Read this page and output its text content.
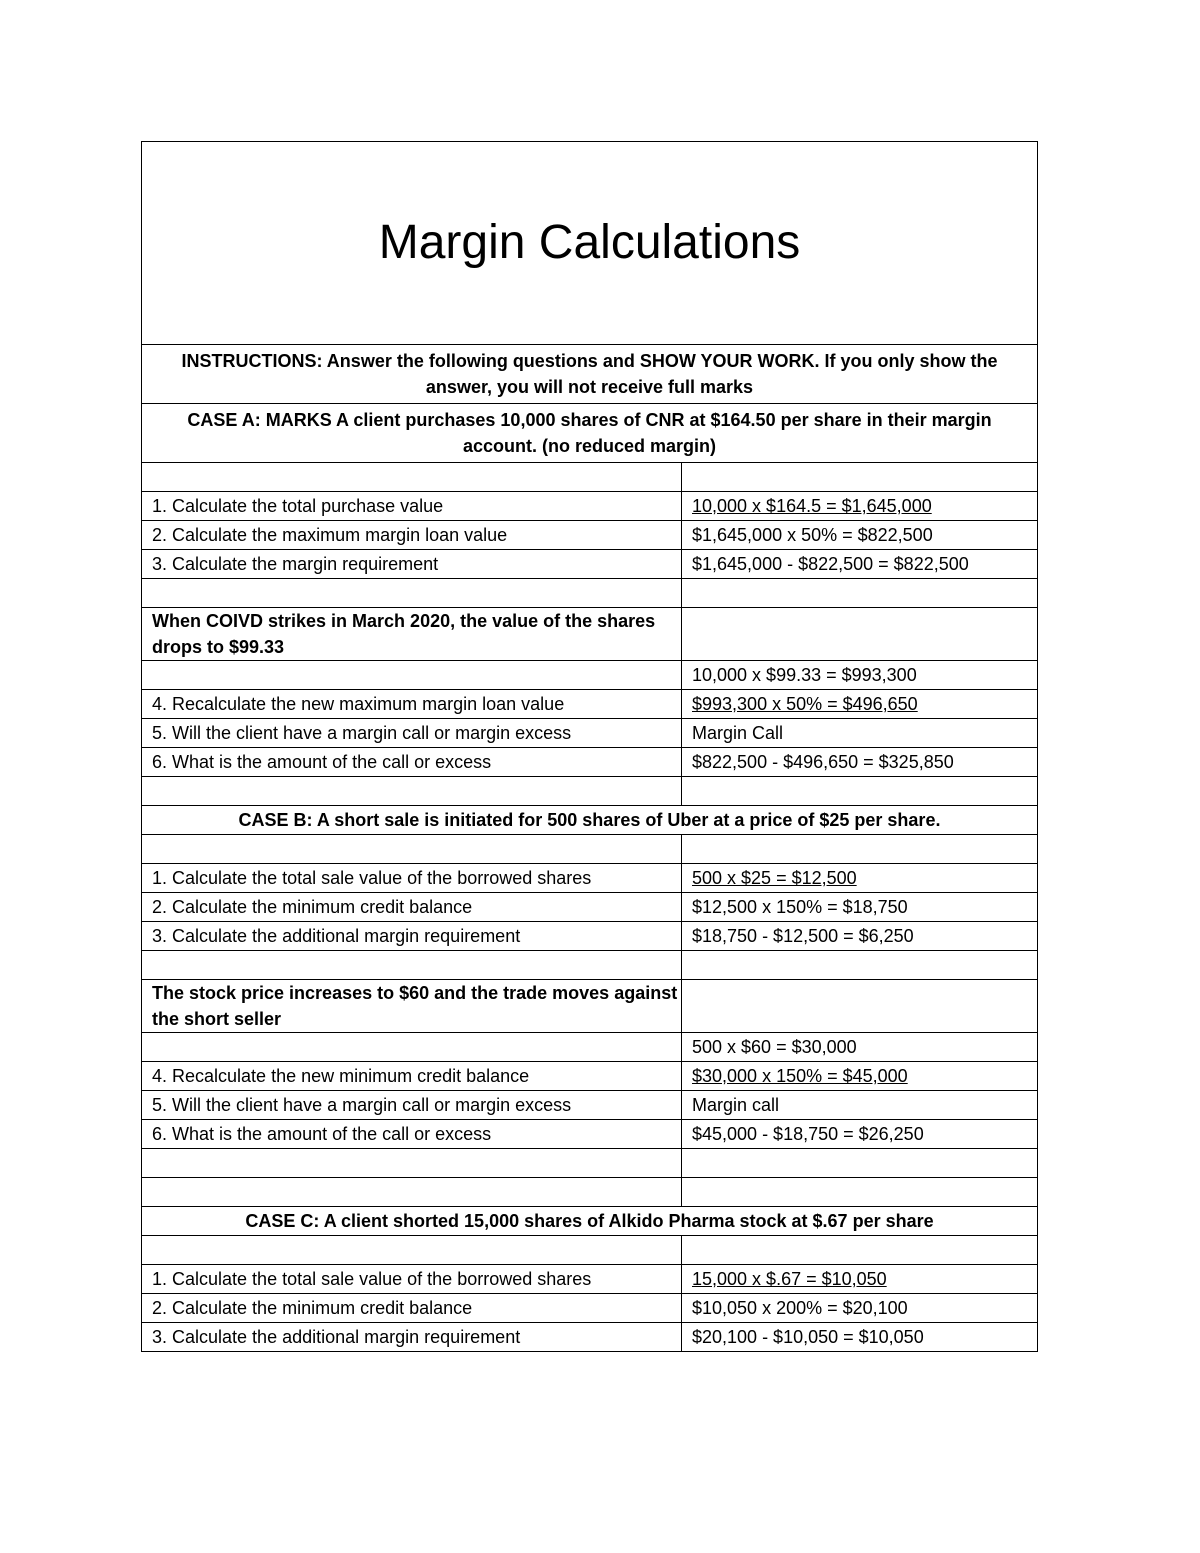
Margin Calculations	
INSTRUCTIONS: Answer the following questions and SHOW YOUR WORK. If you only show the answer, you will not receive full marks	
CASE A: MARKS A client purchases 10,000 shares of CNR at $164.50 per share in their margin account. (no reduced margin)	

1. Calculate the total purchase value	10,000 x $164.5 = $1,645,000
2. Calculate the maximum margin loan value	$1,645,000 x 50% = $822,500
3. Calculate the margin requirement	$1,645,000 - $822,500 = $822,500

When COIVD strikes in March 2020, the value of the shares drops to $99.33	
	10,000 x $99.33 = $993,300
4. Recalculate the new maximum margin loan value	$993,300 x 50% = $496,650
5. Will the client have a margin call or margin excess	Margin Call
6. What is the amount of the call or excess	$822,500 - $496,650 = $325,850

CASE B: A short sale is initiated for 500 shares of Uber at a price of $25 per share.	

1. Calculate the total sale value of the borrowed shares	500 x $25 = $12,500
2. Calculate the minimum credit balance	$12,500 x 150% = $18,750
3. Calculate the additional margin requirement	$18,750 - $12,500 = $6,250

The stock price increases to $60 and the trade moves against the short seller	
	500 x $60 = $30,000
4. Recalculate the new minimum credit balance	$30,000 x 150% = $45,000
5. Will the client have a margin call or margin excess	Margin call
6. What is the amount of the call or excess	$45,000 - $18,750 = $26,250

CASE C: A client shorted 15,000 shares of Alkido Pharma stock at $.67 per share	

1. Calculate the total sale value of the borrowed shares	15,000 x $.67 = $10,050
2. Calculate the minimum credit balance	$10,050 x 200% = $20,100
3. Calculate the additional margin requirement	$20,100 - $10,050 = $10,050
